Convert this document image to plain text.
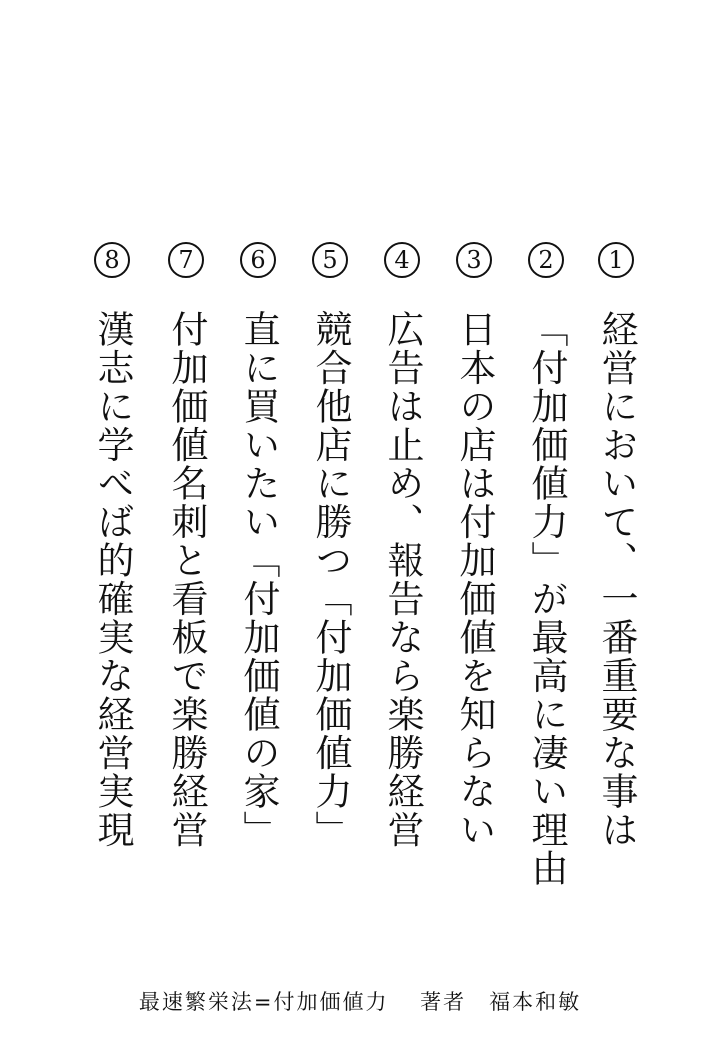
1
経営において、一番重要な事は
2
「付加価値力」が最高に凄い理由
3
日本の店は付加価値を知らない
4
広告は止め、報告なら楽勝経営
5
競合他店に勝つ「付加価値力」
6
直に買いたい「付加価値の家」
7
付加価値名刺と看板で楽勝経営
8
漢志に学べば的確実な経営実現
最速繁栄法=付加価値力　 著者　福本和敏
